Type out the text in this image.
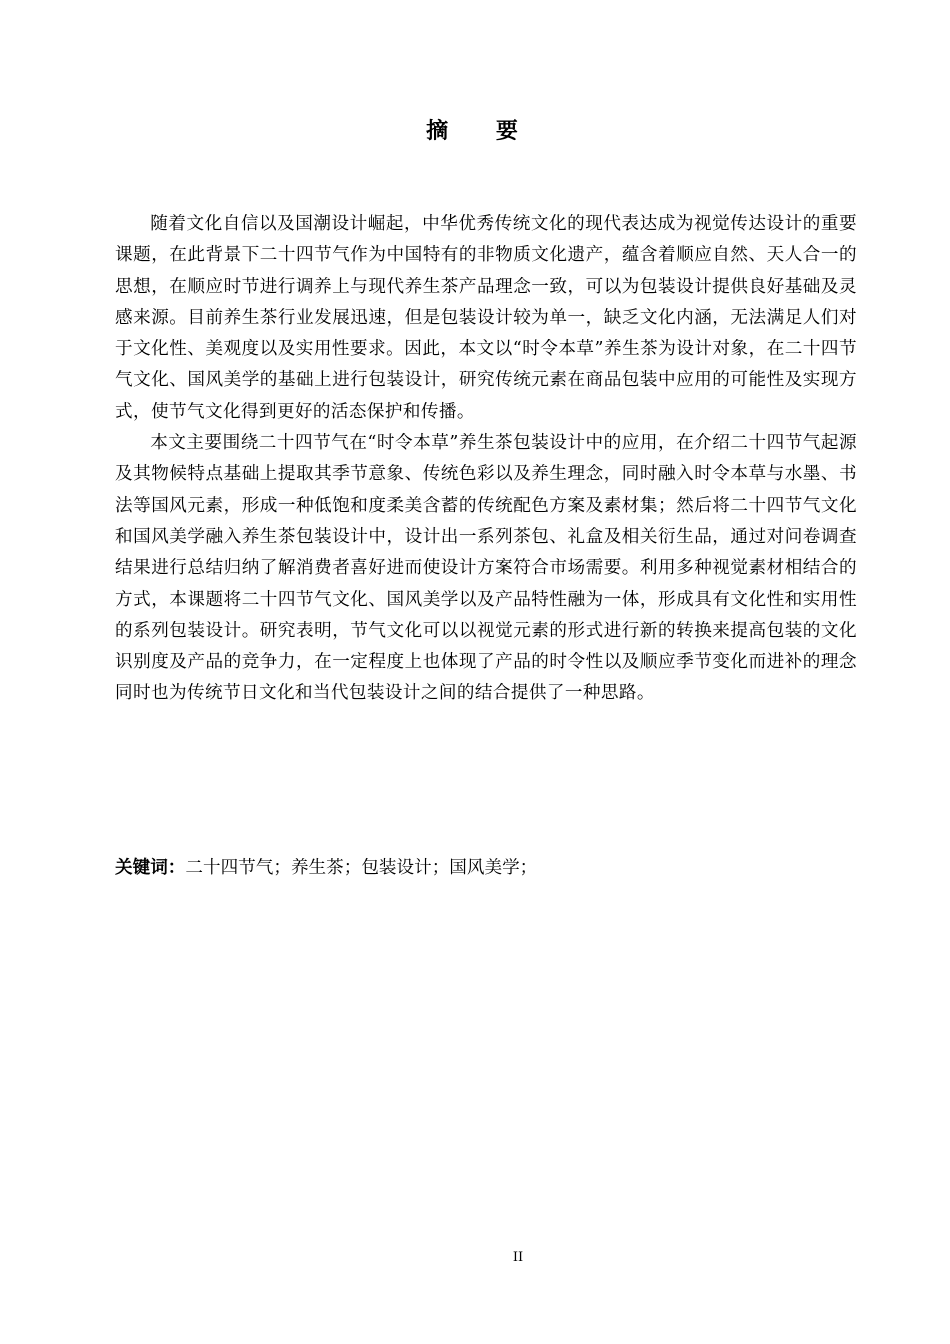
摘 要

随着文化自信以及国潮设计崛起，中华优秀传统文化的现代表达成为视觉传达设计的重要课题，在此背景下二十四节气作为中国特有的非物质文化遗产，蕴含着顺应自然、天人合一的思想，在顺应时节进行调养上与现代养生茶产品理念一致，可以为包装设计提供良好基础及灵感来源。目前养生茶行业发展迅速，但是包装设计较为单一，缺乏文化内涵，无法满足人们对于文化性、美观度以及实用性要求。因此，本文以“时令本草”养生茶为设计对象，在二十四节气文化、国风美学的基础上进行包装设计，研究传统元素在商品包装中应用的可能性及实现方式，使节气文化得到更好的活态保护和传播。

本文主要围绕二十四节气在“时令本草”养生茶包装设计中的应用，在介绍二十四节气起源及其物候特点基础上提取其季节意象、传统色彩以及养生理念，同时融入时令本草与水墨、书法等国风元素，形成一种低饱和度柔美含蓄的传统配色方案及素材集；然后将二十四节气文化和国风美学融入养生茶包装设计中，设计出一系列茶包、礼盒及相关衍生品，通过对问卷调查结果进行总结归纳了解消费者喜好进而使设计方案符合市场需要。利用多种视觉素材相结合的方式，本课题将二十四节气文化、国风美学以及产品特性融为一体，形成具有文化性和实用性的系列包装设计。研究表明，节气文化可以以视觉元素的形式进行新的转换来提高包装的文化识别度及产品的竞争力，在一定程度上也体现了产品的时令性以及顺应季节变化而进补的理念同时也为传统节日文化和当代包装设计之间的结合提供了一种思路。

关键词：二十四节气；养生茶；包装设计；国风美学；
II
